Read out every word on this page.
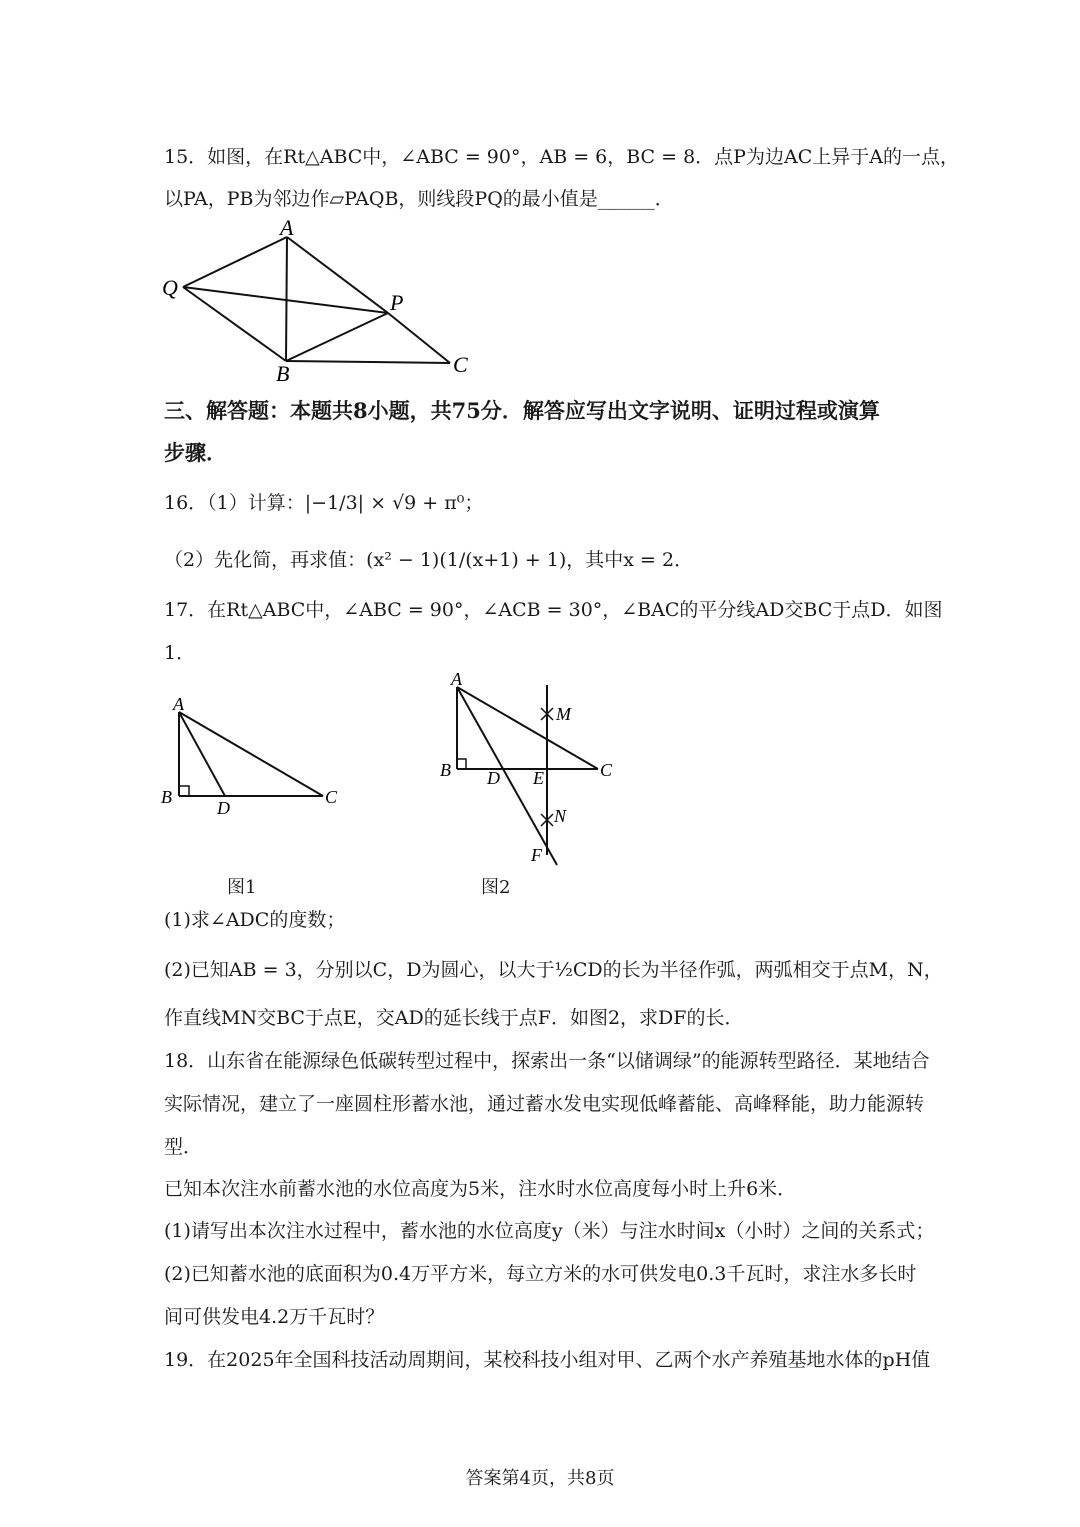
15．如图，在Rt△ABC中，∠ABC = 90°，AB = 6，BC = 8．点P为边AC上异于A的一点，
以PA，PB为邻边作▱PAQB，则线段PQ的最小值是______．
A
Q
P
B	C
三、解答题：本题共8小题，共75分．解答应写出文字说明、证明过程或演算
步骤．
16．（1）计算：|−1/3| × √9 + π⁰；
（2）先化简，再求值：(x² − 1)(1/(x+1) + 1)，其中x = 2．
17．在Rt△ABC中，∠ABC = 90°，∠ACB = 30°，∠BAC的平分线AD交BC于点D．如图
1．
A
B
D
C
A
M
B D E	C
N
F
图1	图2
(1)求∠ADC的度数；
(2)已知AB = 3，分别以C，D为圆心，以大于½CD的长为半径作弧，两弧相交于点M，N，
作直线MN交BC于点E，交AD的延长线于点F．如图2，求DF的长．
18．山东省在能源绿色低碳转型过程中，探索出一条“以储调绿”的能源转型路径．某地结合
实际情况，建立了一座圆柱形蓄水池，通过蓄水发电实现低峰蓄能、高峰释能，助力能源转
型．
已知本次注水前蓄水池的水位高度为5米，注水时水位高度每小时上升6米．
(1)请写出本次注水过程中，蓄水池的水位高度y（米）与注水时间x（小时）之间的关系式；
(2)已知蓄水池的底面积为0.4万平方米，每立方米的水可供发电0.3千瓦时，求注水多长时
间可供发电4.2万千瓦时？
19．在2025年全国科技活动周期间，某校科技小组对甲、乙两个水产养殖基地水体的pH值
答案第4页，共8页
